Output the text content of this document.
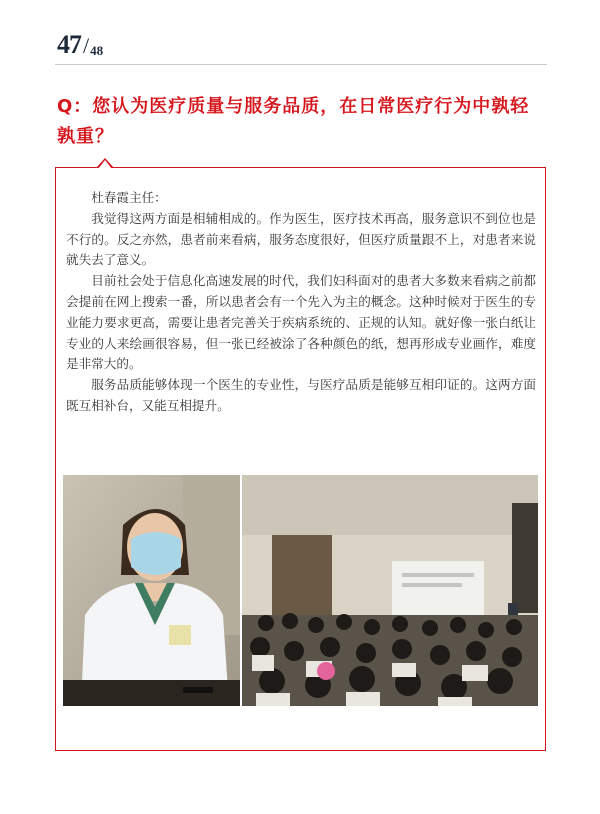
47/48
Q：您认为医疗质量与服务品质，在日常医疗行为中孰轻孰重？

杜春霞主任：

我觉得这两方面是相辅相成的。作为医生，医疗技术再高，服务意识不到位也是不行的。反之亦然，患者前来看病，服务态度很好，但医疗质量跟不上，对患者来说就失去了意义。

目前社会处于信息化高速发展的时代，我们妇科面对的患者大多数来看病之前都会提前在网上搜索一番，所以患者会有一个先入为主的概念。这种时候对于医生的专业能力要求更高，需要让患者完善关于疾病系统的、正规的认知。就好像一张白纸让专业的人来绘画很容易，但一张已经被涂了各种颜色的纸，想再形成专业画作，难度是非常大的。

服务品质能够体现一个医生的专业性，与医疗品质是能够互相印证的。这两方面既互相补台，又能互相提升。
